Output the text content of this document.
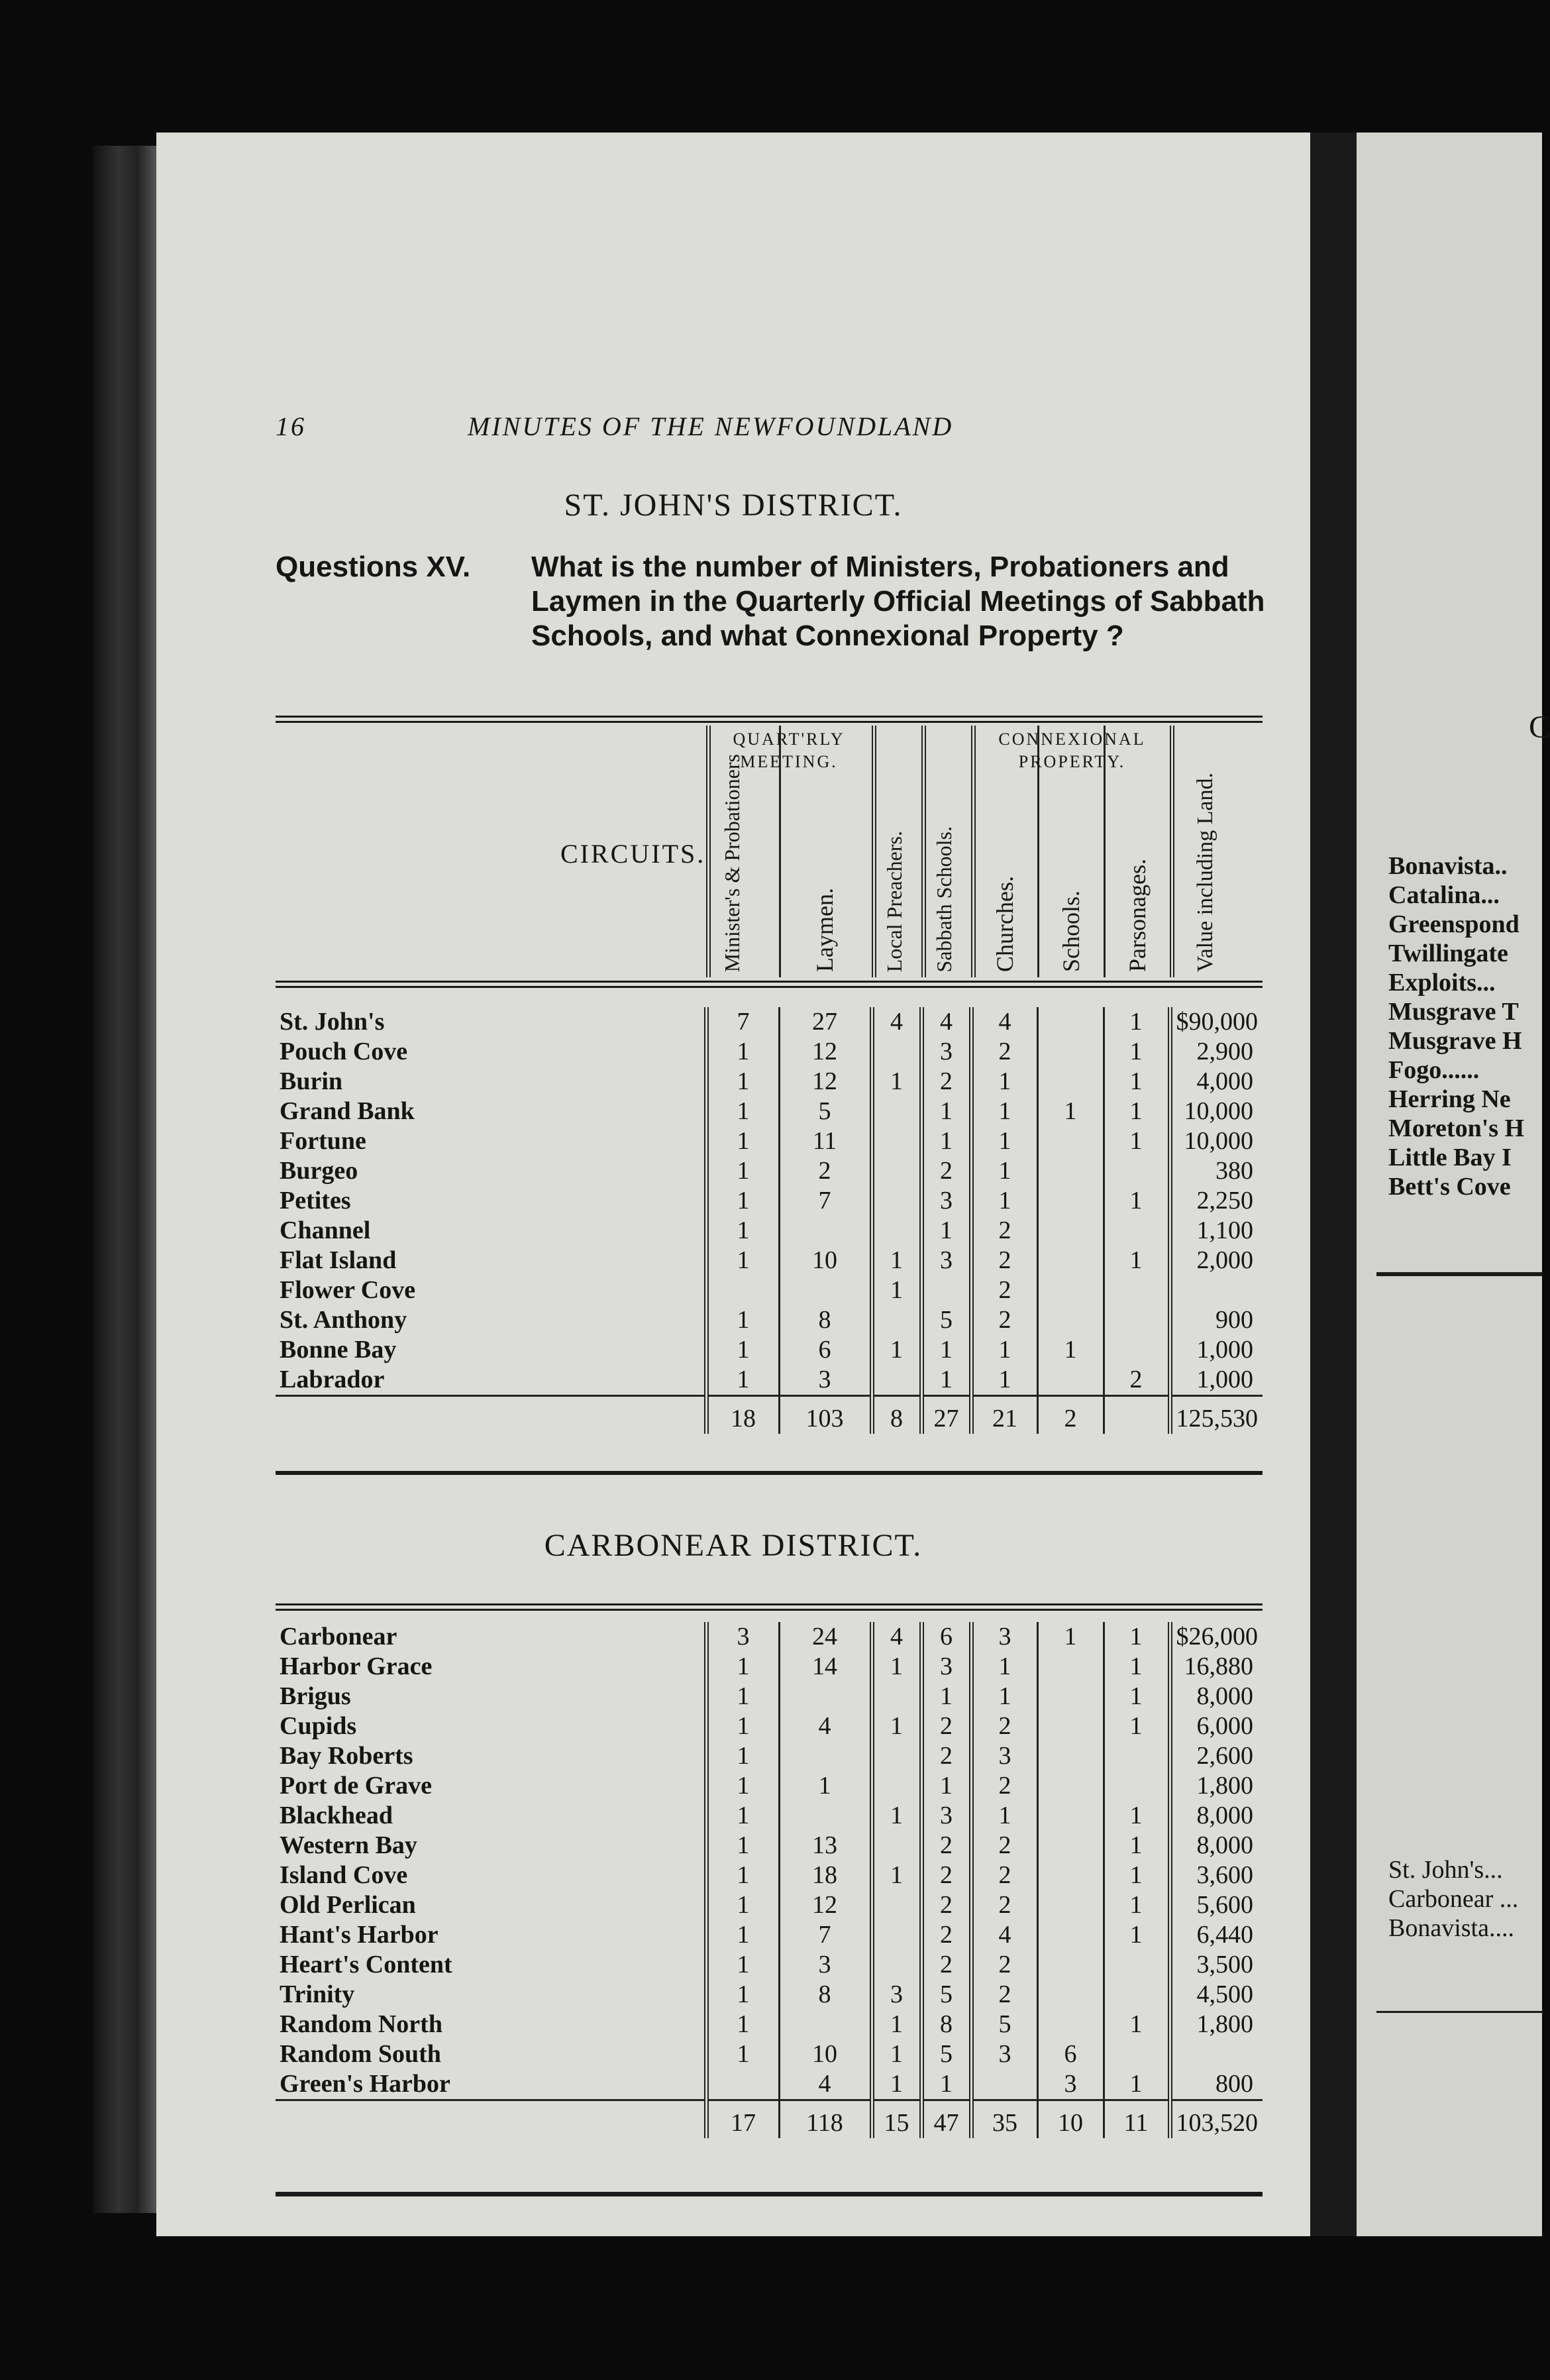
16	MINUTES OF THE NEWFOUNDLAND
ST. JOHN'S DISTRICT.
Questions XV. What is the number of Ministers, Probationers and Laymen in the Quarterly Official Meetings of Sabbath Schools, and what Connexional Property ?
CIRCUITS.
QUART'RLY MEETING.
CONNEXIONAL PROPERTY.
Minister's & Probationers	Laymen. Local Preachers. Sabbath Schools. Churches. Schools. Parsonages. Value including Land.
St. John's	7	27	4	4	4		1	$90,000
Pouch Cove	1	12		3	2		1	2,900
Burin	1	12	1	2	1		1	4,000
Grand Bank	1	5		1	1	1	1	10,000
Fortune	1	11		1	1		1	10,000
Burgeo	1	2		2	1			380
Petites	1	7		3	1		1	2,250
Channel	1			1	2			1,100
Flat Island	1	10	1	3	2		1	2,000
Flower Cove			1		2			
St. Anthony	1	8		5	2			900
Bonne Bay	1	6	1	1	1	1		1,000
Labrador	1	3		1	1		2	1,000
	18	103	8	27	21	2		125,530
CARBONEAR DISTRICT.
Carbonear	3	24	4	6	3	1	1	$26,000
Harbor Grace	1	14	1	3	1		1	16,880
Brigus	1			1	1		1	8,000
Cupids	1	4	1	2	2		1	6,000
Bay Roberts	1			2	3			2,600
Port de Grave	1	1		1	2			1,800
Blackhead	1		1	3	1		1	8,000
Western Bay	1	13		2	2		1	8,000
Island Cove	1	18	1	2	2		1	3,600
Old Perlican	1	12		2	2		1	5,600
Hant's Harbor	1	7		2	4		1	6,440
Heart's Content	1	3		2	2			3,500
Trinity	1	8	3	5	2			4,500
Random North	1		1	8	5		1	1,800
Random South	1	10	1	5	3	6		
Green's Harbor		4	1	1		3	1	800
	17	118	15	47	35	10	11	103,520
C
Bonavista..
Catalina...
Greenspond
Twillingate
Exploits...
Musgrave T
Musgrave H
Fogo......
Herring Ne
Moreton's H
Little Bay I
Bett's Cove
St. John's...
Carbonear ...
Bonavista....
